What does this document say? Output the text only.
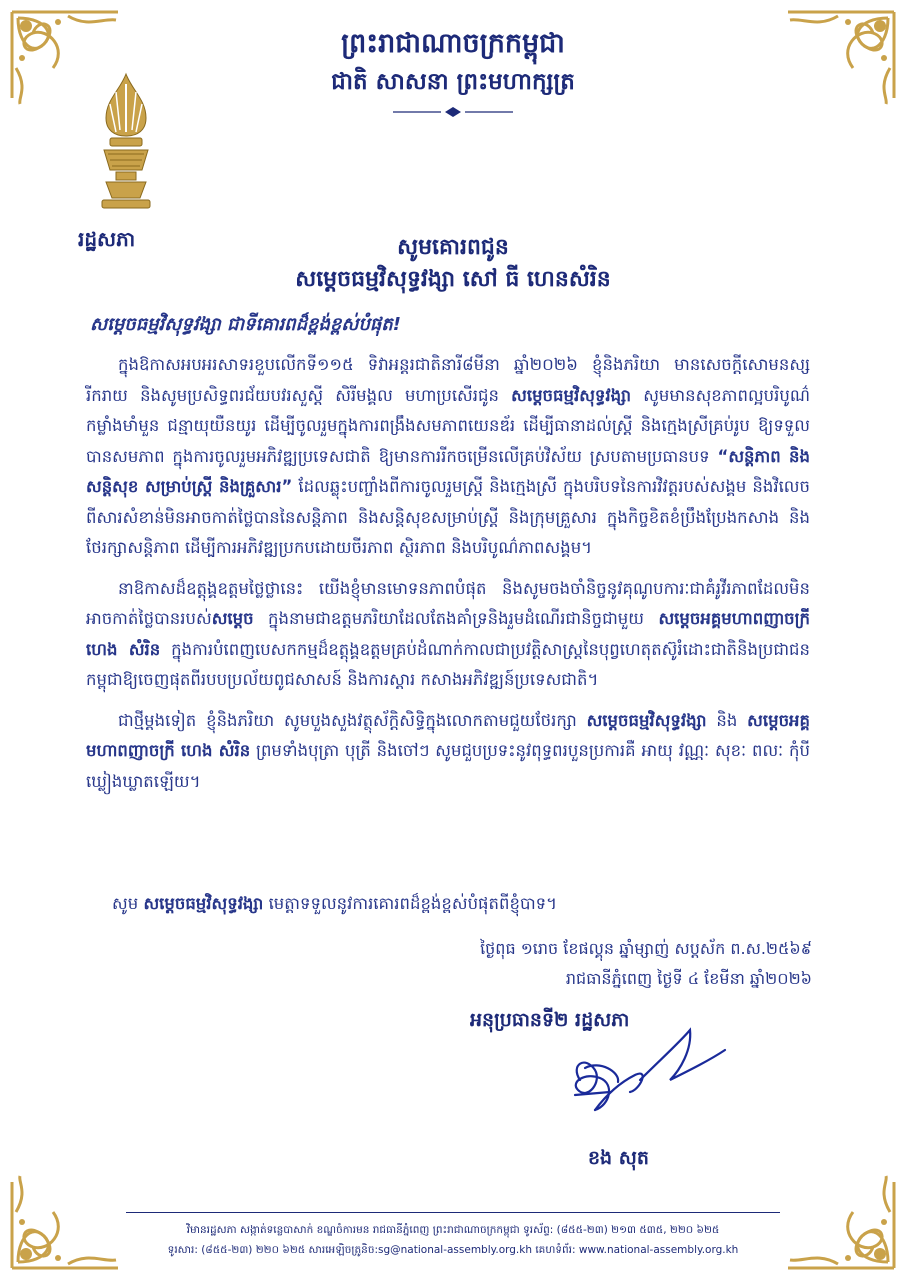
ព្រះរាជាណាចក្រកម្ពុជា
ជាតិ សាសនា ព្រះមហាក្សត្រ
រដ្ឋសភា	សូមគោរពជូន
សម្តេចធម្មវិសុទ្ធវង្សា សៅ ធី ហេនសំរិន
សម្តេចធម្មវិសុទ្ធវង្សា ជាទីគោរពដ៏ខ្ពង់ខ្ពស់បំផុត!

ក្នុងឱកាសអបអរសាទរខួបលើកទី១១៥ ទិវាអន្តរជាតិនារី៨មីនា ឆ្នាំ២០២៦ ខ្ញុំនិងភរិយា មានសេចក្តីសោមនស្សរីករាយ និងសូមប្រសិទ្ធពរជ័យបវរសួស្តី សិរីមង្គល មហាប្រសើរជូន សម្តេចធម្មវិសុទ្ធវង្សា សូមមានសុខភាពល្អបរិបូណ៌ កម្លាំងមាំមួន ជន្មាយុយឺនយូរ ដើម្បីចូលរួមក្នុងការពង្រឹងសមភាពយេនឌ័រ ដើម្បីធានាដល់ស្ត្រី និងក្មេងស្រីគ្រប់រូប ឱ្យទទួលបានសមភាព ក្នុងការចូលរួមអភិវឌ្ឍប្រទេសជាតិ ឱ្យមានការរីកចម្រើនលើគ្រប់វិស័យ ស្របតាមប្រធានបទ “សន្តិភាព និង សន្តិសុខ សម្រាប់ស្ត្រី និងគ្រួសារ” ដែលឆ្លុះបញ្ចាំងពីការចូលរួមស្ត្រី និងក្មេងស្រី ក្នុងបរិបទនៃការវិវត្តរបស់សង្គម និងវិលេចពីសារសំខាន់មិនអាចកាត់ថ្លៃបាននៃសន្តិភាព និងសន្តិសុខសម្រាប់ស្ត្រី និងក្រុមគ្រួសារ ក្នុងកិច្ចខិតខំប្រឹងប្រែងកសាង និងថែរក្សាសន្តិភាព ដើម្បីការអភិវឌ្ឍប្រកបដោយចីរភាព ស្ថិរភាព និងបរិបូណ៌ភាពសង្គម។

នាឱកាសដ៏ឧត្តុង្គឧត្តមថ្លៃថ្លានេះ យើងខ្ញុំមានមោទនភាពបំផុត និងសូមចងចាំនិច្ចនូវគុណូបការៈជាគំរូវីរភាពដែលមិនអាចកាត់ថ្លៃបានរបស់សម្តេច ក្នុងនាមជាឧត្តមភរិយាដែលតែងគាំទ្រនិងរួមដំណើរជានិច្ចជាមួយ សម្តេចអគ្គមហាពញាចក្រី ហេង សំរិន ក្នុងការបំពេញបេសកកម្មដ៏ឧត្តុង្គឧត្តមគ្រប់ដំណាក់កាលជាប្រវត្តិសាស្ត្រនៃបុព្វហេតុតស៊ូរំដោះជាតិនិងប្រជាជនកម្ពុជាឱ្យចេញផុតពីរបបប្រល័យពូជសាសន៍ និងការស្តារ កសាងអភិវឌ្ឍន៍ប្រទេសជាតិ។

ជាថ្មីម្តងទៀត ខ្ញុំនិងភរិយា សូមបួងសួងវត្ថុស័ក្តិសិទ្ធិក្នុងលោកតាមជួយថែរក្សា សម្តេចធម្មវិសុទ្ធវង្សា និង សម្តេចអគ្គមហាពញាចក្រី ហេង សំរិន ព្រមទាំងបុត្រា បុត្រី និងចៅៗ សូមជួបប្រទះនូវពុទ្ធពរបួនប្រការគឺ អាយុ វណ្ណៈ សុខៈ ពលៈ កុំបីឃ្លៀងឃ្លាតឡើយ។

សូម សម្តេចធម្មវិសុទ្ធវង្សា មេត្តាទទួលនូវការគោរពដ៏ខ្ពង់ខ្ពស់បំផុតពីខ្ញុំបាទ។
ថ្ងៃពុធ ១រោច ខែផល្គុន ឆ្នាំម្សាញ់ សប្តស័ក ព.ស.២៥៦៩
រាជធានីភ្នំពេញ ថ្ងៃទី ៤ ខែមីនា ឆ្នាំ២០២៦
អនុប្រធានទី២ រដ្ឋសភា
ខង សុត
វិមានរដ្ឋសភា សង្កាត់ទន្លេបាសាក់ ខណ្ឌចំការមន រាជធានីភ្នំពេញ ព្រះរាជាណាចក្រកម្ពុជា ទូរស័ព្ទ: (៨៥៥-២៣) ២១៣ ៥៣៥, ២២០ ៦២៥
ទូរសារ: (៨៥៥-២៣) ២២០ ៦២៥ សារអេឡិចត្រូនិច:sg@national-assembly.org.kh គេហទំព័រ: www.national-assembly.org.kh
